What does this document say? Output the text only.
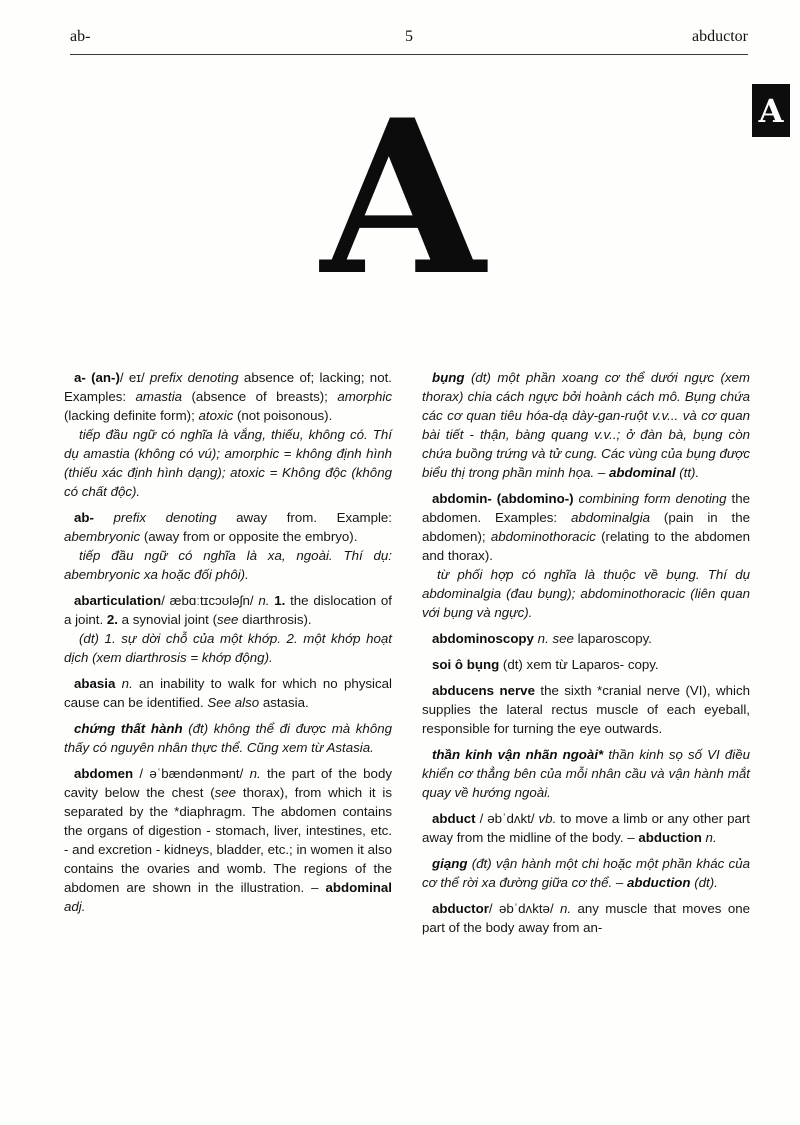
ab-	5	abductor
A
A

a- (an-)/ eɪ/ prefix denoting absence of; lacking; not. Examples: amastia (absence of breasts); amorphic (lacking definite form); atoxic (not poisonous).

tiếp đầu ngữ có nghĩa là vắng, thiếu, không có. Thí dụ amastia (không có vú); amorphic = không định hình (thiếu xác định hình dạng); atoxic = Không độc (không có chất độc).

ab- prefix denoting away from. Example: abembryonic (away from or opposite the embryo).

tiếp đầu ngữ có nghĩa là xa, ngoài. Thí dụ: abembryonic xa hoặc đối phôi).

abarticulation/ æbɑːtɪcɔʊləʃn/ n. 1. the dislocation of a joint. 2. a synovial joint (see diarthrosis).

(dt) 1. sự dời chỗ của một khớp. 2. một khớp hoạt dịch (xem diarthrosis = khớp động).

abasia n. an inability to walk for which no physical cause can be identified. See also astasia.

chứng thất hành (đt) không thể đi được mà không thấy có nguyên nhân thực thể. Cũng xem từ Astasia.

abdomen / əˈbændənmənt/ n. the part of the body cavity below the chest (see thorax), from which it is separated by the *diaphragm. The abdomen contains the organs of digestion - stomach, liver, intestines, etc. - and excretion - kidneys, bladder, etc.; in women it also contains the ovaries and womb. The regions of the abdomen are shown in the illustration. – abdominal adj.

bụng (dt) một phần xoang cơ thể dưới ngực (xem thorax) chia cách ngực bởi hoành cách mô. Bụng chứa các cơ quan tiêu hóa-dạ dày-gan-ruột v.v... và cơ quan bài tiết - thận, bàng quang v.v..; ở đàn bà, bụng còn chứa buồng trứng và tử cung. Các vùng của bụng được biểu thị trong phần minh họa. – abdominal (tt).

abdomin- (abdomino-) combining form denoting the abdomen. Examples: abdominalgia (pain in the abdomen); abdominothoracic (relating to the abdomen and thorax).

từ phối hợp có nghĩa là thuộc về bụng. Thí dụ abdominalgia (đau bụng); abdominothoracic (liên quan với bụng và ngực).

abdominoscopy n. see laparoscopy.

soi ô bụng (dt) xem từ Laparos- copy.

abducens nerve the sixth *cranial nerve (VI), which supplies the lateral rectus muscle of each eyeball, responsible for turning the eye outwards.

thần kinh vận nhãn ngoài* thần kinh sọ số VI điều khiển cơ thẳng bên của mỗi nhân cầu và vận hành mắt quay về hướng ngoài.

abduct / əbˈdʌkt/ vb. to move a limb or any other part away from the midline of the body. – abduction n.

giạng (đt) vận hành một chi hoặc một phần khác của cơ thể rời xa đường giữa cơ thể. – abduction (dt).

abductor/ əbˈdʌktə/ n. any muscle that moves one part of the body away from an-
